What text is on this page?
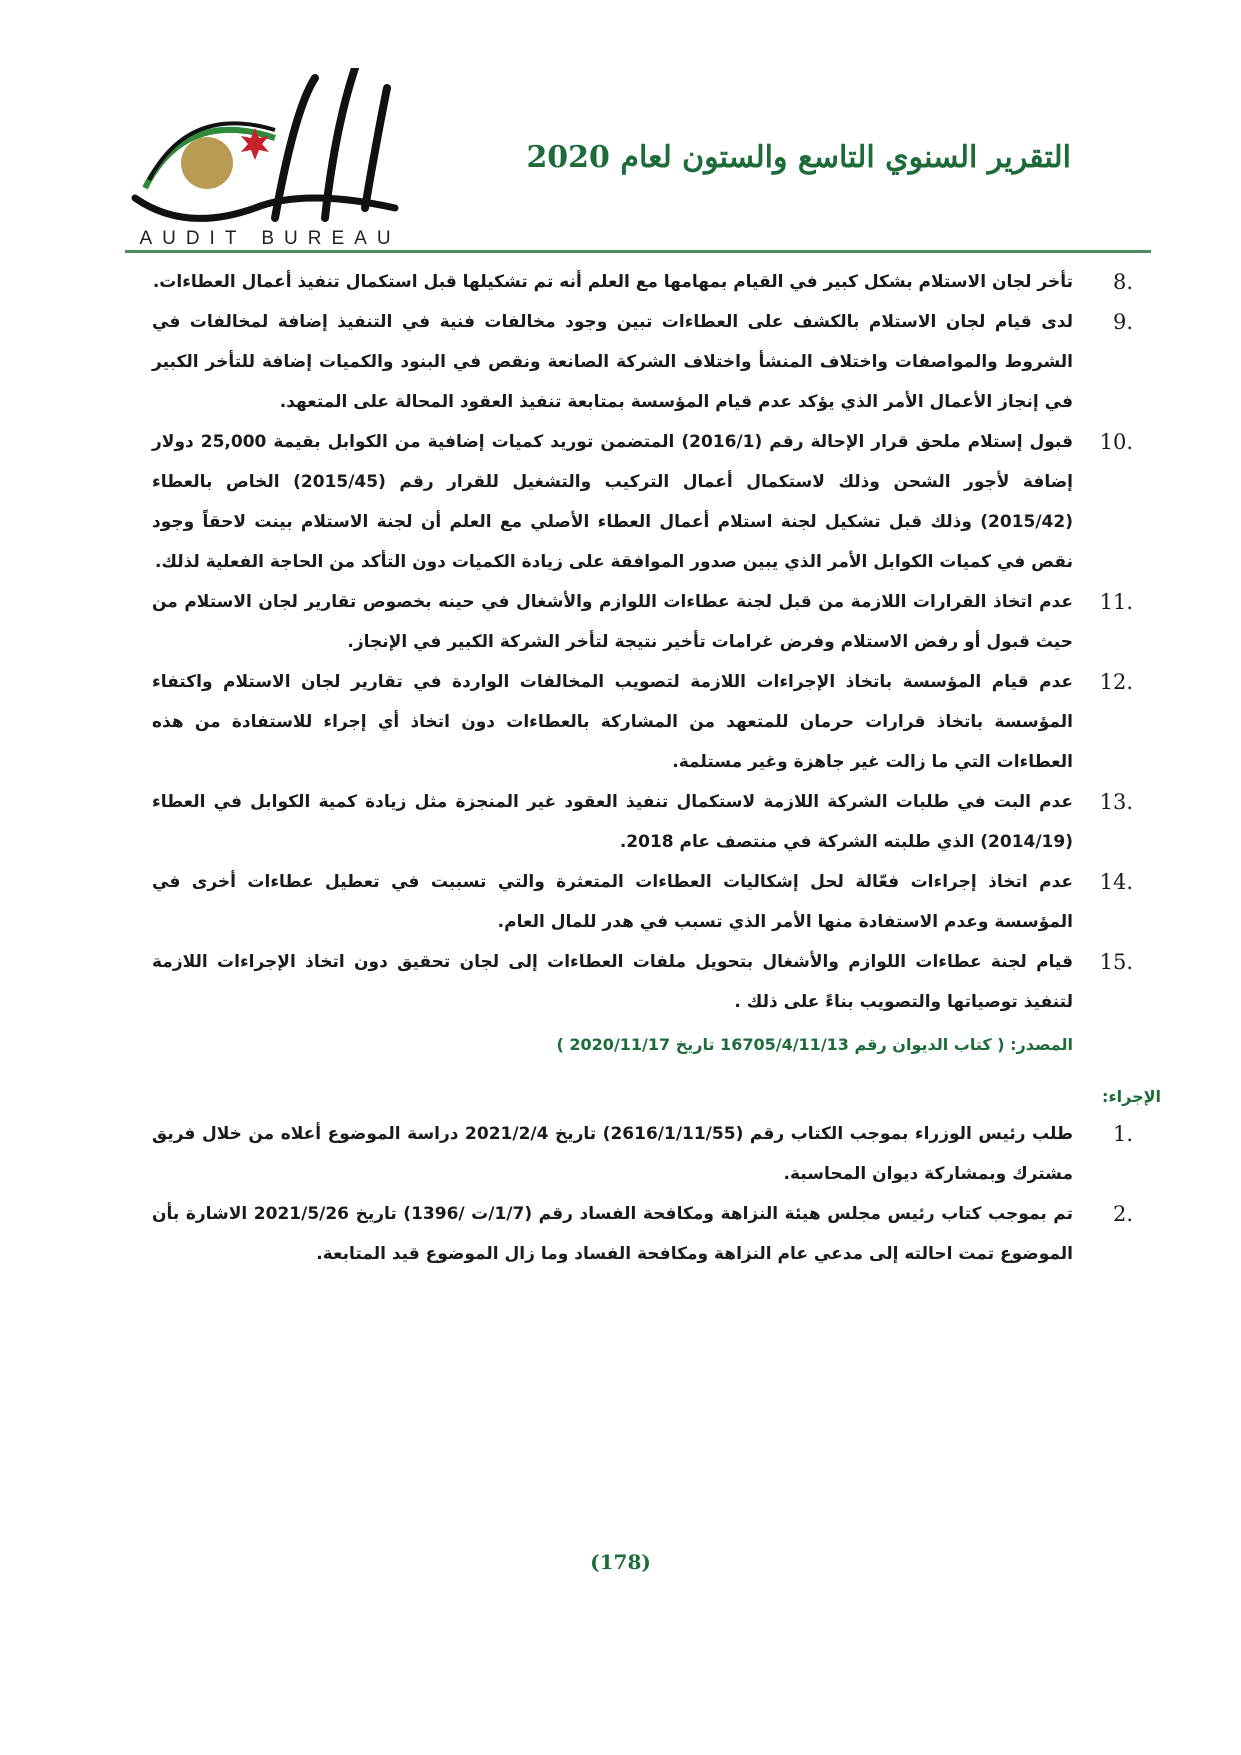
AUDIT BUREAU
التقرير السنوي التاسع والستون لعام 2020
8.
تأخر لجان الاستلام بشكل كبير في القيام بمهامها مع العلم أنه تم تشكيلها قبل استكمال تنفيذ أعمال العطاءات.
9.
لدى قيام لجان الاستلام بالكشف على العطاءات تبين وجود مخالفات فنية في التنفيذ إضافة لمخالفات في الشروط والمواصفات واختلاف المنشأ واختلاف الشركة الصانعة ونقص في البنود والكميات إضافة للتأخر الكبير في إنجاز الأعمال الأمر الذي يؤكد عدم قيام المؤسسة بمتابعة تنفيذ العقود المحالة على المتعهد.
10.
قبول إستلام ملحق قرار الإحالة رقم (2016/1) المتضمن توريد كميات إضافية من الكوابل بقيمة 25,000 دولار إضافة لأجور الشحن وذلك لاستكمال أعمال التركيب والتشغيل للقرار رقم (2015/45) الخاص بالعطاء (2015/42) وذلك قبل تشكيل لجنة استلام أعمال العطاء الأصلي مع العلم أن لجنة الاستلام بينت لاحقاً وجود نقص في كميات الكوابل الأمر الذي يبين صدور الموافقة على زيادة الكميات دون التأكد من الحاجة الفعلية لذلك.
11.
عدم اتخاذ القرارات اللازمة من قبل لجنة عطاءات اللوازم والأشغال في حينه بخصوص تقارير لجان الاستلام من حيث قبول أو رفض الاستلام وفرض غرامات تأخير نتيجة لتأخر الشركة الكبير في الإنجاز.
12.
عدم قيام المؤسسة باتخاذ الإجراءات اللازمة لتصويب المخالفات الواردة في تقارير لجان الاستلام واكتفاء المؤسسة باتخاذ قرارات حرمان للمتعهد من المشاركة بالعطاءات دون اتخاذ أي إجراء للاستفادة من هذه العطاءات التي ما زالت غير جاهزة وغير مستلمة.
13.
عدم البت في طلبات الشركة اللازمة لاستكمال تنفيذ العقود غير المنجزة مثل زيادة كمية الكوابل في العطاء (2014/19) الذي طلبته الشركة في منتصف عام 2018.
14.
عدم اتخاذ إجراءات فعّالة لحل إشكاليات العطاءات المتعثرة والتي تسببت في تعطيل عطاءات أخرى في المؤسسة وعدم الاستفادة منها الأمر الذي تسبب في هدر للمال العام.
15.
قيام لجنة عطاءات اللوازم والأشغال بتحويل ملفات العطاءات إلى لجان تحقيق دون اتخاذ الإجراءات اللازمة لتنفيذ توصياتها والتصويب بناءً على ذلك .
المصدر: ( كتاب الديوان رقم 16705/4/11/13 تاريخ 2020/11/17 )
الإجراء:
1.
طلب رئيس الوزراء بموجب الكتاب رقم (2616/1/11/55) تاريخ 2021/2/4 دراسة الموضوع أعلاه من خلال فريق مشترك وبمشاركة ديوان المحاسبة.
2.
تم بموجب كتاب رئيس مجلس هيئة النزاهة ومكافحة الفساد رقم (1/7/ت /1396) تاريخ 2021/5/26 الاشارة بأن الموضوع تمت احالته إلى مدعي عام النزاهة ومكافحة الفساد وما زال الموضوع قيد المتابعة.
(178)
